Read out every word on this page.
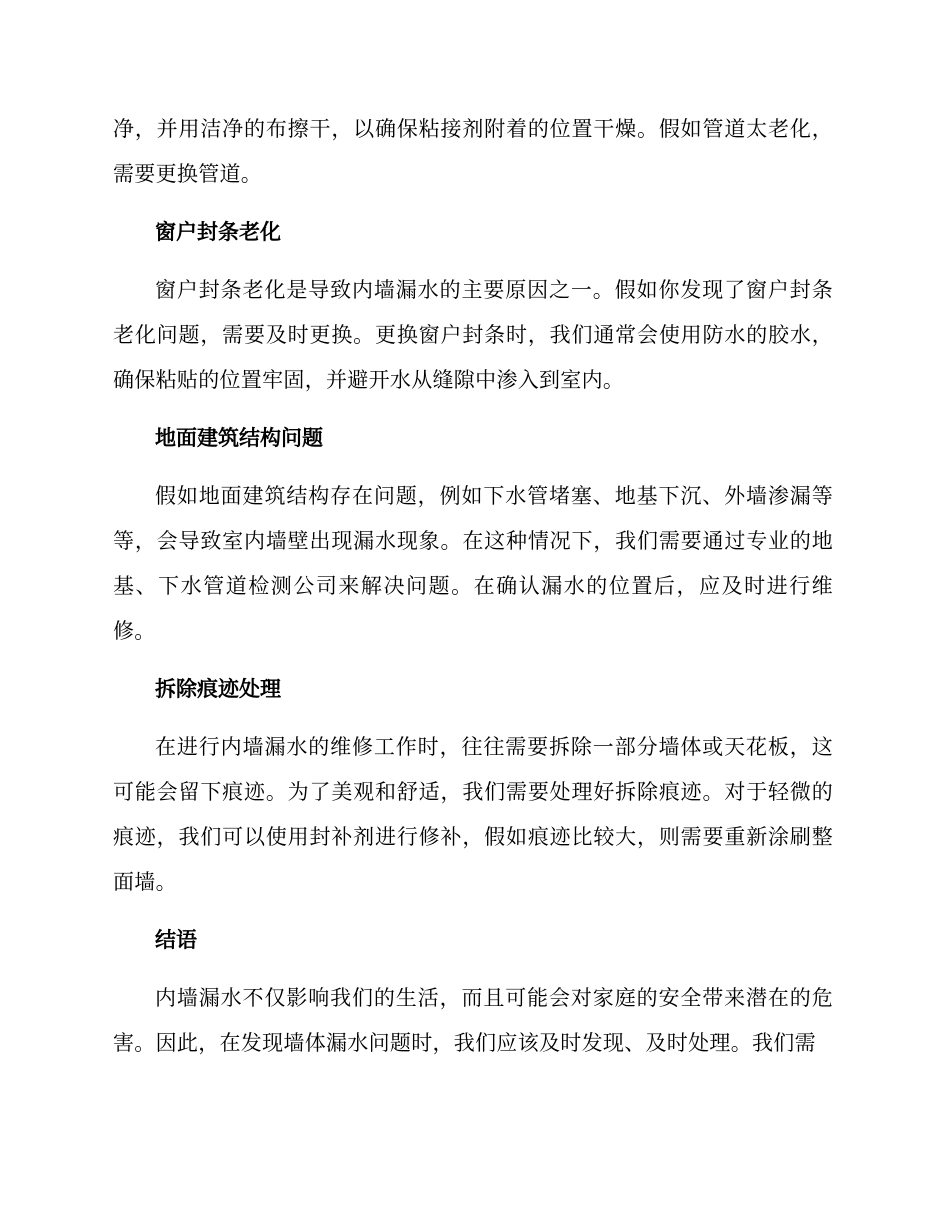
净，并用洁净的布擦干，以确保粘接剂附着的位置干燥。假如管道太老化，需要更换管道。

窗户封条老化

窗户封条老化是导致内墙漏水的主要原因之一。假如你发现了窗户封条老化问题，需要及时更换。更换窗户封条时，我们通常会使用防水的胶水，确保粘贴的位置牢固，并避开水从缝隙中渗入到室内。

地面建筑结构问题

假如地面建筑结构存在问题，例如下水管堵塞、地基下沉、外墙渗漏等等，会导致室内墙壁出现漏水现象。在这种情况下，我们需要通过专业的地基、下水管道检测公司来解决问题。在确认漏水的位置后，应及时进行维修。

拆除痕迹处理

在进行内墙漏水的维修工作时，往往需要拆除一部分墙体或天花板，这可能会留下痕迹。为了美观和舒适，我们需要处理好拆除痕迹。对于轻微的痕迹，我们可以使用封补剂进行修补，假如痕迹比较大，则需要重新涂刷整面墙。

结语

内墙漏水不仅影响我们的生活，而且可能会对家庭的安全带来潜在的危害。因此，在发现墙体漏水问题时，我们应该及时发现、及时处理。我们需
